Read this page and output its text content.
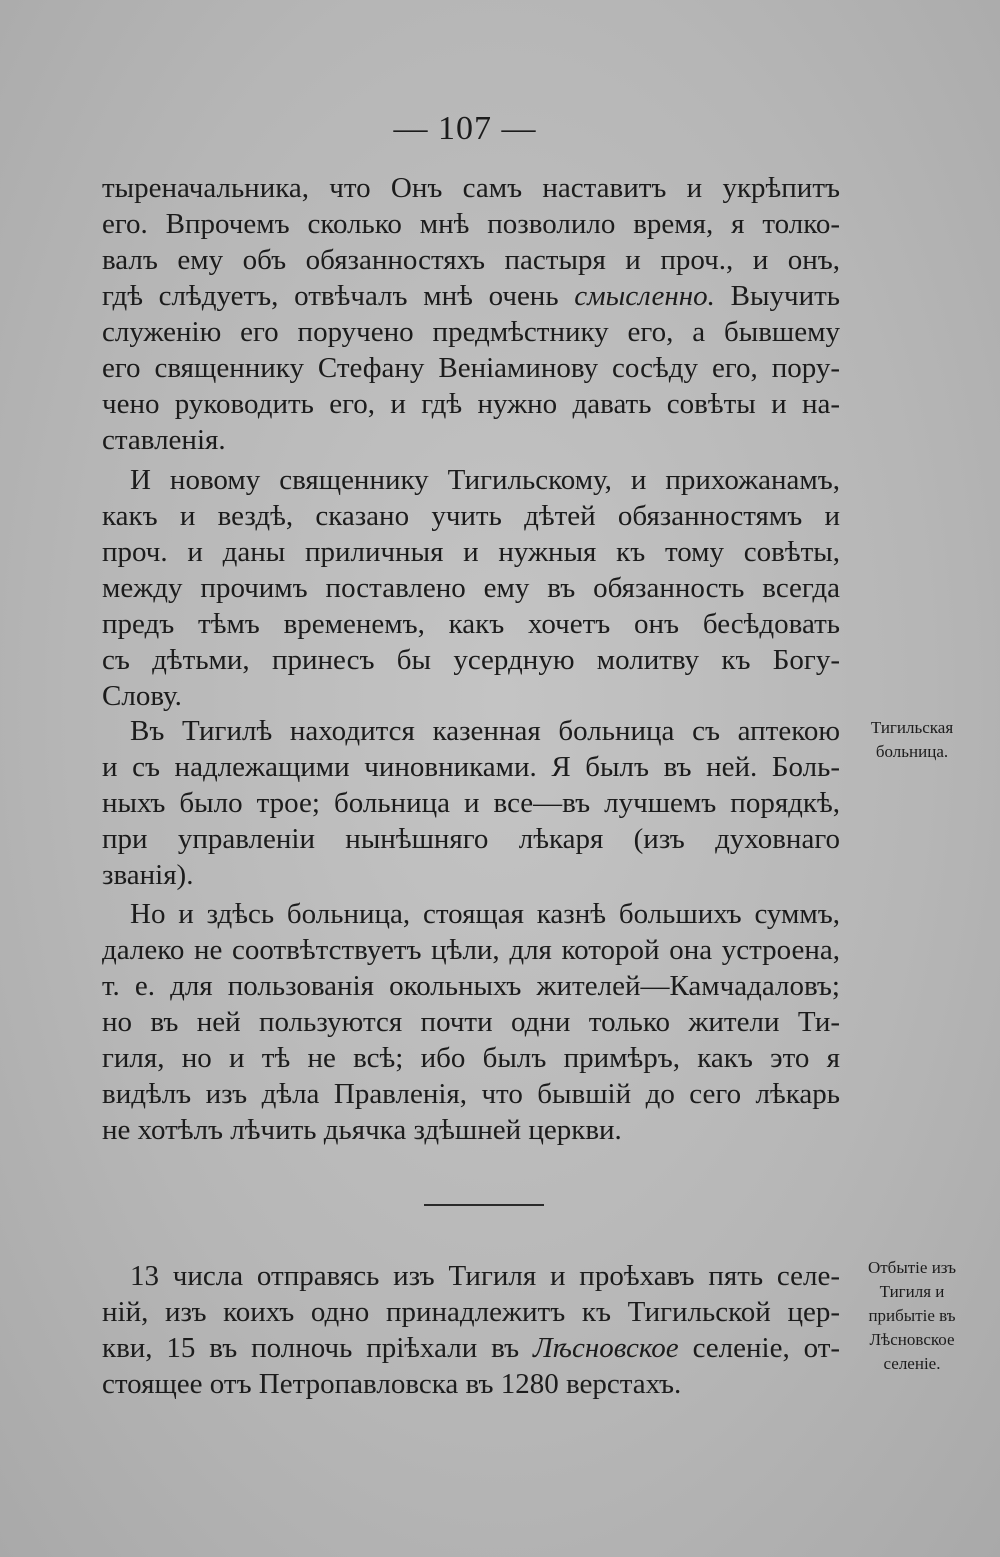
— 107 —

тыреначальника, что Онъ самъ наставитъ и укрѣпитъ
его. Впрочемъ сколько мнѣ позволило время, я толко-
валъ ему объ обязанностяхъ пастыря и проч., и онъ,
гдѣ слѣдуетъ, отвѣчалъ мнѣ очень смысленно. Выучить
служенiю его поручено предмѣстнику его, а бывшему
его священнику Стефану Веніаминову сосѣду его, пору-
чено руководить его, и гдѣ нужно давать совѣты и на-
ставленія.

И новому священнику Тигильскому, и прихожанамъ,
какъ и вездѣ, сказано учить дѣтей обязанностямъ и
проч. и даны приличныя и нужныя къ тому совѣты,
между прочимъ поставлено ему въ обязанность всегда
предъ тѣмъ временемъ, какъ хочетъ онъ бесѣдовать
съ дѣтьми, принесъ бы усердную молитву къ Богу-
Слову.

Въ Тигилѣ находится казенная больница съ аптекою
и съ надлежащими чиновниками. Я былъ въ ней. Боль-
ныхъ было трое; больница и все—въ лучшемъ порядкѣ,
при управленіи нынѣшняго лѣкаря (изъ духовнаго
званія).

Но и здѣсь больница, стоящая казнѣ большихъ суммъ,
далеко не соотвѣтствуетъ цѣли, для которой она устроена,
т. е. для пользованія окольныхъ жителей—Камчадаловъ;
но въ ней пользуются почти одни только жители Ти-
гиля, но и тѣ не всѣ; ибо былъ примѣръ, какъ это я
видѣлъ изъ дѣла Правленія, что бывшій до сего лѣкарь
не хотѣлъ лѣчить дьячка здѣшней церкви.

13 числа отправясь изъ Тигиля и проѣхавъ пять селе-
ній, изъ коихъ одно принадлежитъ къ Тигильской цер-
кви, 15 въ полночь пріѣхали въ Лѣсновское селеніе, от-
стоящее отъ Петропавловска въ 1280 верстахъ.

Тигильская
больница.
Отбытіе изъ
Тигиля и
прибытіе въ
Лѣсновское
селеніе.
